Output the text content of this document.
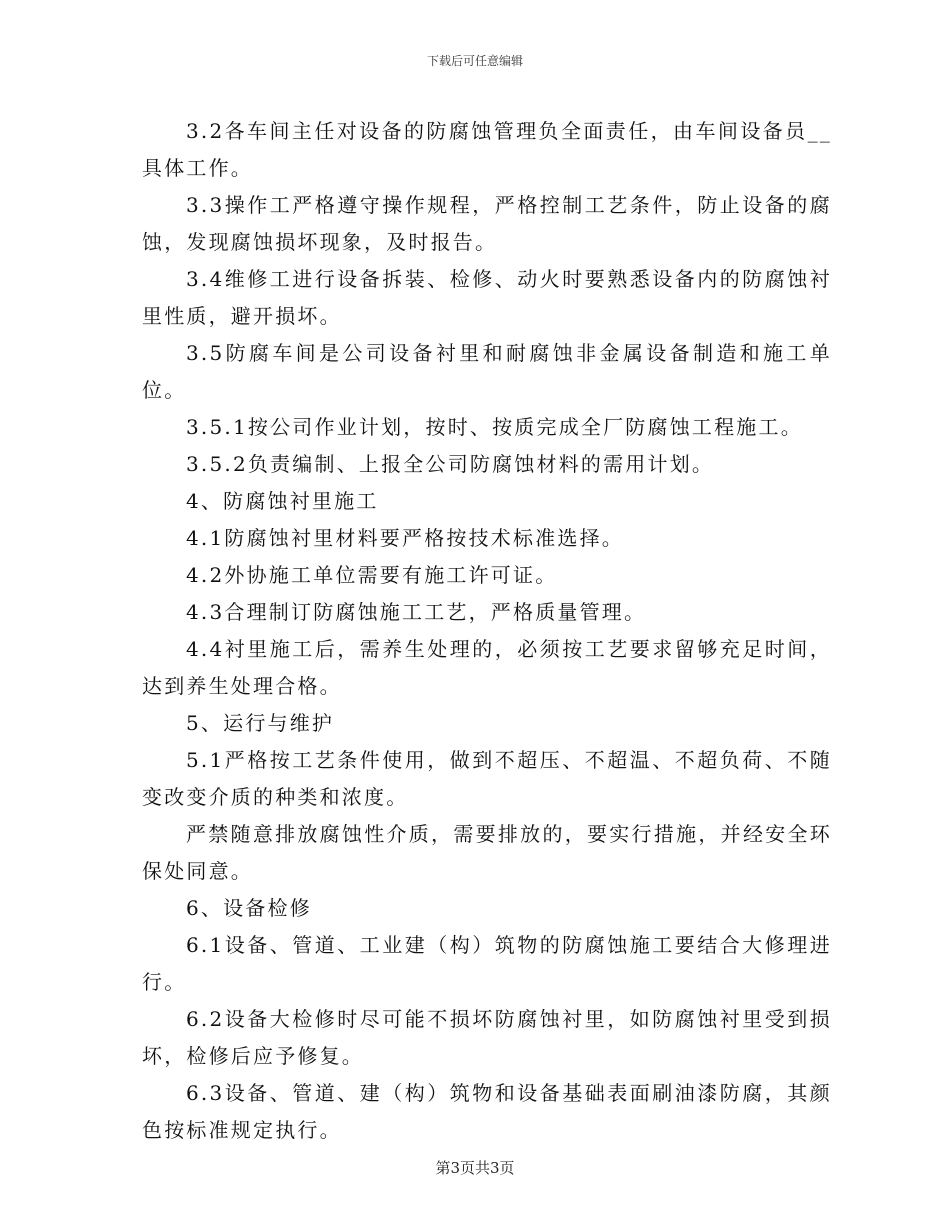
下载后可任意编辑

3.2各车间主任对设备的防腐蚀管理负全面责任，由车间设备员__具体工作。

3.3操作工严格遵守操作规程，严格控制工艺条件，防止设备的腐蚀，发现腐蚀损坏现象，及时报告。

3.4维修工进行设备拆装、检修、动火时要熟悉设备内的防腐蚀衬里性质，避开损坏。

3.5防腐车间是公司设备衬里和耐腐蚀非金属设备制造和施工单位。

3.5.1按公司作业计划，按时、按质完成全厂防腐蚀工程施工。

3.5.2负责编制、上报全公司防腐蚀材料的需用计划。

4、防腐蚀衬里施工

4.1防腐蚀衬里材料要严格按技术标准选择。

4.2外协施工单位需要有施工许可证。

4.3合理制订防腐蚀施工工艺，严格质量管理。

4.4衬里施工后，需养生处理的，必须按工艺要求留够充足时间，达到养生处理合格。

5、运行与维护

5.1严格按工艺条件使用，做到不超压、不超温、不超负荷、不随变改变介质的种类和浓度。

严禁随意排放腐蚀性介质，需要排放的，要实行措施，并经安全环保处同意。

6、设备检修

6.1设备、管道、工业建（构）筑物的防腐蚀施工要结合大修理进行。

6.2设备大检修时尽可能不损坏防腐蚀衬里，如防腐蚀衬里受到损坏，检修后应予修复。

6.3设备、管道、建（构）筑物和设备基础表面刷油漆防腐，其颜色按标准规定执行。

第3页共3页
